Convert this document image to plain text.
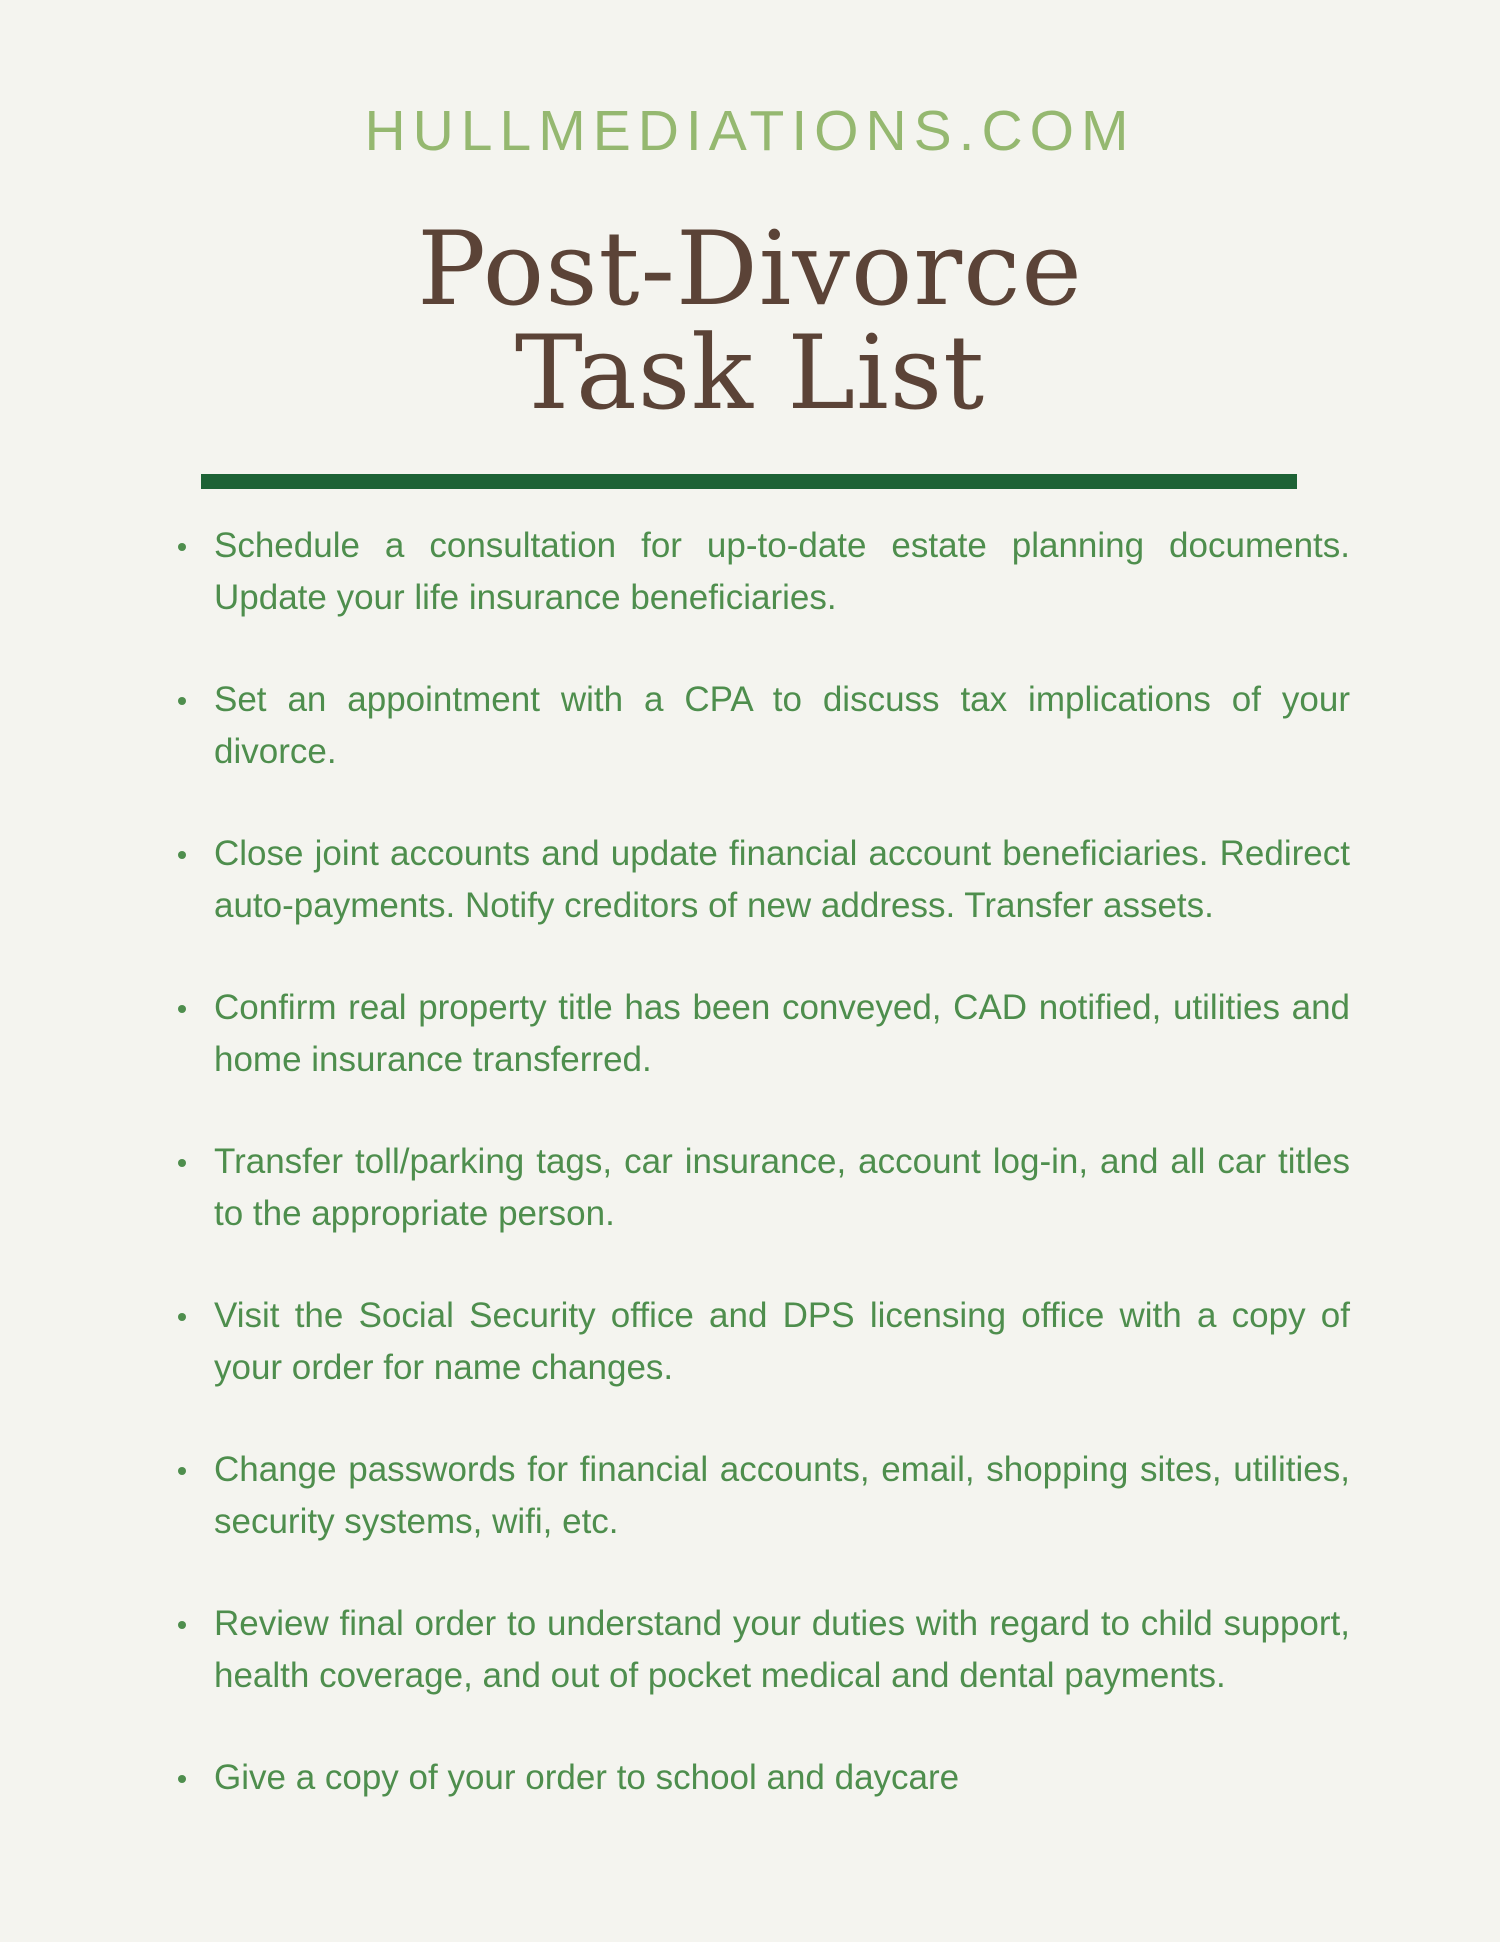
HULLMEDIATIONS.COM
Post-Divorce
Task List
Schedule a consultation for up-to-date estate planning documents. Update your life insurance beneficiaries.
Set an appointment with a CPA to discuss tax implications of your divorce.
Close joint accounts and update financial account beneficiaries. Redirect auto-payments. Notify creditors of new address. Transfer assets.
Confirm real property title has been conveyed, CAD notified, utilities and home insurance transferred.
Transfer toll/parking tags, car insurance, account log-in, and all car titles to the appropriate person.
Visit the Social Security office and DPS licensing office with a copy of your order for name changes.
Change passwords for financial accounts, email, shopping sites, utilities, security systems, wifi, etc.
Review final order to understand your duties with regard to child support, health coverage, and out of pocket medical and dental payments.
Give a copy of your order to school and daycare
